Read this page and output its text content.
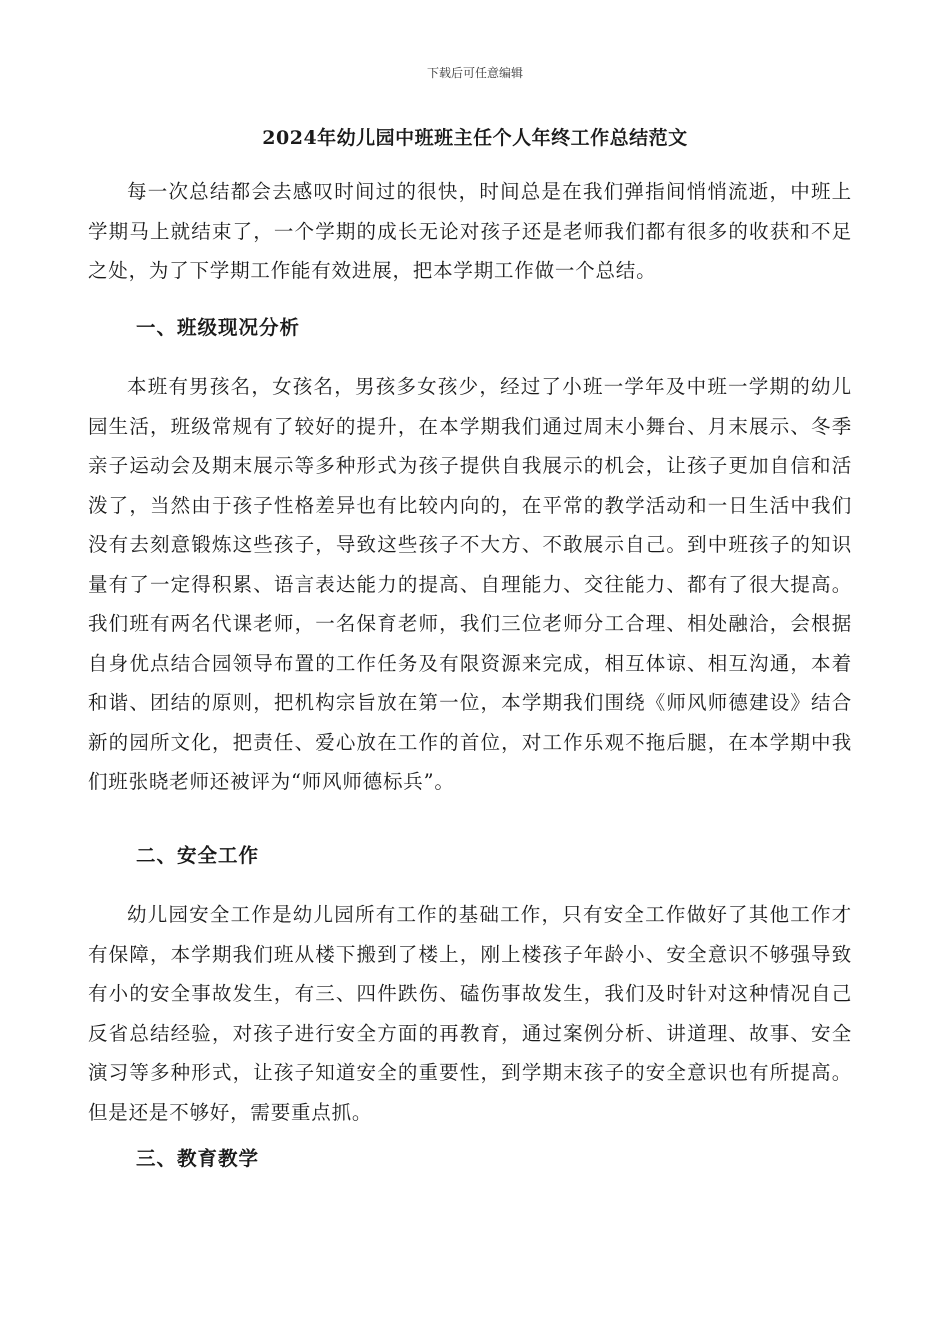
下载后可任意编辑
2024年幼儿园中班班主任个人年终工作总结范文

每一次总结都会去感叹时间过的很快，时间总是在我们弹指间悄悄流逝，中班上学期马上就结束了，一个学期的成长无论对孩子还是老师我们都有很多的收获和不足之处，为了下学期工作能有效进展，把本学期工作做一个总结。

一、班级现况分析

本班有男孩名，女孩名，男孩多女孩少，经过了小班一学年及中班一学期的幼儿园生活，班级常规有了较好的提升，在本学期我们通过周末小舞台、月末展示、冬季亲子运动会及期末展示等多种形式为孩子提供自我展示的机会，让孩子更加自信和活泼了，当然由于孩子性格差异也有比较内向的，在平常的教学活动和一日生活中我们没有去刻意锻炼这些孩子，导致这些孩子不大方、不敢展示自己。到中班孩子的知识量有了一定得积累、语言表达能力的提高、自理能力、交往能力、都有了很大提高。我们班有两名代课老师，一名保育老师，我们三位老师分工合理、相处融洽，会根据自身优点结合园领导布置的工作任务及有限资源来完成，相互体谅、相互沟通，本着和谐、团结的原则，把机构宗旨放在第一位，本学期我们围绕《师风师德建设》结合新的园所文化，把责任、爱心放在工作的首位，对工作乐观不拖后腿，在本学期中我们班张晓老师还被评为“师风师德标兵”。

二、安全工作

幼儿园安全工作是幼儿园所有工作的基础工作，只有安全工作做好了其他工作才有保障，本学期我们班从楼下搬到了楼上，刚上楼孩子年龄小、安全意识不够强导致有小的安全事故发生，有三、四件跌伤、磕伤事故发生，我们及时针对这种情况自己反省总结经验，对孩子进行安全方面的再教育，通过案例分析、讲道理、故事、安全演习等多种形式，让孩子知道安全的重要性，到学期末孩子的安全意识也有所提高。但是还是不够好，需要重点抓。

三、教育教学
